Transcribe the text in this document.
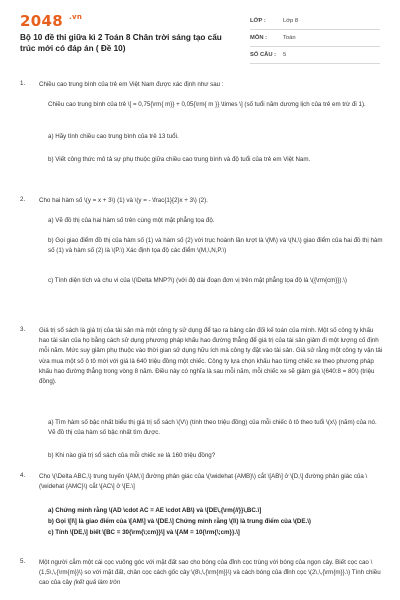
2048 .vn
Bộ 10 đề thi giữa kì 2 Toán 8 Chân trời sáng tạo cấu trúc mới có đáp án ( Đề 10)
LỚP :	Lớp 8
MÔN :	Toán
SỐ CÂU :	5
1. Chiều cao trung bình của trẻ em Việt Nam được xác định như sau :
Chiều cao trung bình của trẻ \[ = 0,75{\rm{ m}} + 0,05{\rm{ m }} \times \] (số tuổi năm dương lịch của trẻ em trừ đi 1).
a) Hãy tính chiều cao trung bình của trẻ 13 tuổi.
b) Viết công thức mô tả sự phụ thuộc giữa chiều cao trung bình và độ tuổi của trẻ em Việt Nam.
2. Cho hai hàm số \(y = x + 3\) (1) và \(y = - \frac{1}{2}x + 3\) (2).
a) Vẽ đồ thị của hai hàm số trên cùng một mặt phẳng tọa độ.
b) Gọi giao điểm đồ thị của hàm số (1) và hàm số (2) với trục hoành lần lượt là \(M\) và \(N,\) giao điểm của hai đồ thị hàm số (1) và hàm số (2) là \(P.\) Xác định tọa độ các điểm \(M,\,N,P.\)
c) Tính diện tích và chu vi của \(\Delta MNP?\) (với độ dài đoạn đơn vị trên mặt phẳng tọa độ là \({\rm{cm}}).\)
3. Giá trị sổ sách là giá trị của tài sản mà một công ty sử dụng để tạo ra bảng cân đối kế toán của mình. Một số công ty khấu hao tài sản của họ bằng cách sử dụng phương pháp khấu hao đường thẳng để giá trị của tài sản giảm đi một lượng cố định mỗi năm. Mức suy giảm phụ thuộc vào thời gian sử dụng hữu ích mà công ty đặt vào tài sản. Giả sử rằng một công ty vận tải vừa mua một số ô tô mới với giá là 640 triệu đồng một chiếc. Công ty lựa chọn khấu hao từng chiếc xe theo phương pháp khấu hao đường thẳng trong vòng 8 năm. Điều này có nghĩa là sau mỗi năm, mỗi chiếc xe sẽ giảm giá \(640:8 = 80\) (triệu đồng).
a) Tìm hàm số bậc nhất biểu thị giá trị sổ sách \(V\) (tính theo triệu đồng) của mỗi chiếc ô tô theo tuổi \(x\) (năm) của nó. Vẽ đồ thị của hàm số bậc nhất tìm được.
b) Khi nào giá trị sổ sách của mỗi chiếc xe là 160 triệu đồng?
4. Cho \(\Delta ABC,\) trung tuyến \[AM,\] đường phân giác của \(\widehat {AMB}\) cắt \[AB\] ở \[D,\] đường phân giác của \(\widehat {AMC}\) cắt \[AC\] ở \[E.\]
a) Chứng minh rằng \(AD \cdot AC = AE \cdot AB\) và \[DE\,{\rm{//}}\,BC.\]
b) Gọi \[I\] là giao điểm của \[AM\] và \[DE.\] Chứng minh rằng \(I\) là trung điểm của \(DE.\)
c) Tính \[DE,\] biết \[BC = 30{\rm{\;cm}}\] và \[AM = 10{\rm{\;cm}}.\]
5. Một người cắm một cái cọc vuông góc với mặt đất sao cho bóng của đỉnh cọc trùng với bóng của ngọn cây. Biết cọc cao \(1,5\,\,{\rm{m}}\) so với mặt đất, chân cọc cách gốc cây \(8\,\,{\rm{m}}\) và cách bóng của đỉnh cọc \(2\,\,{\rm{m}}.\) Tính chiều cao của cây (kết quả làm tròn
